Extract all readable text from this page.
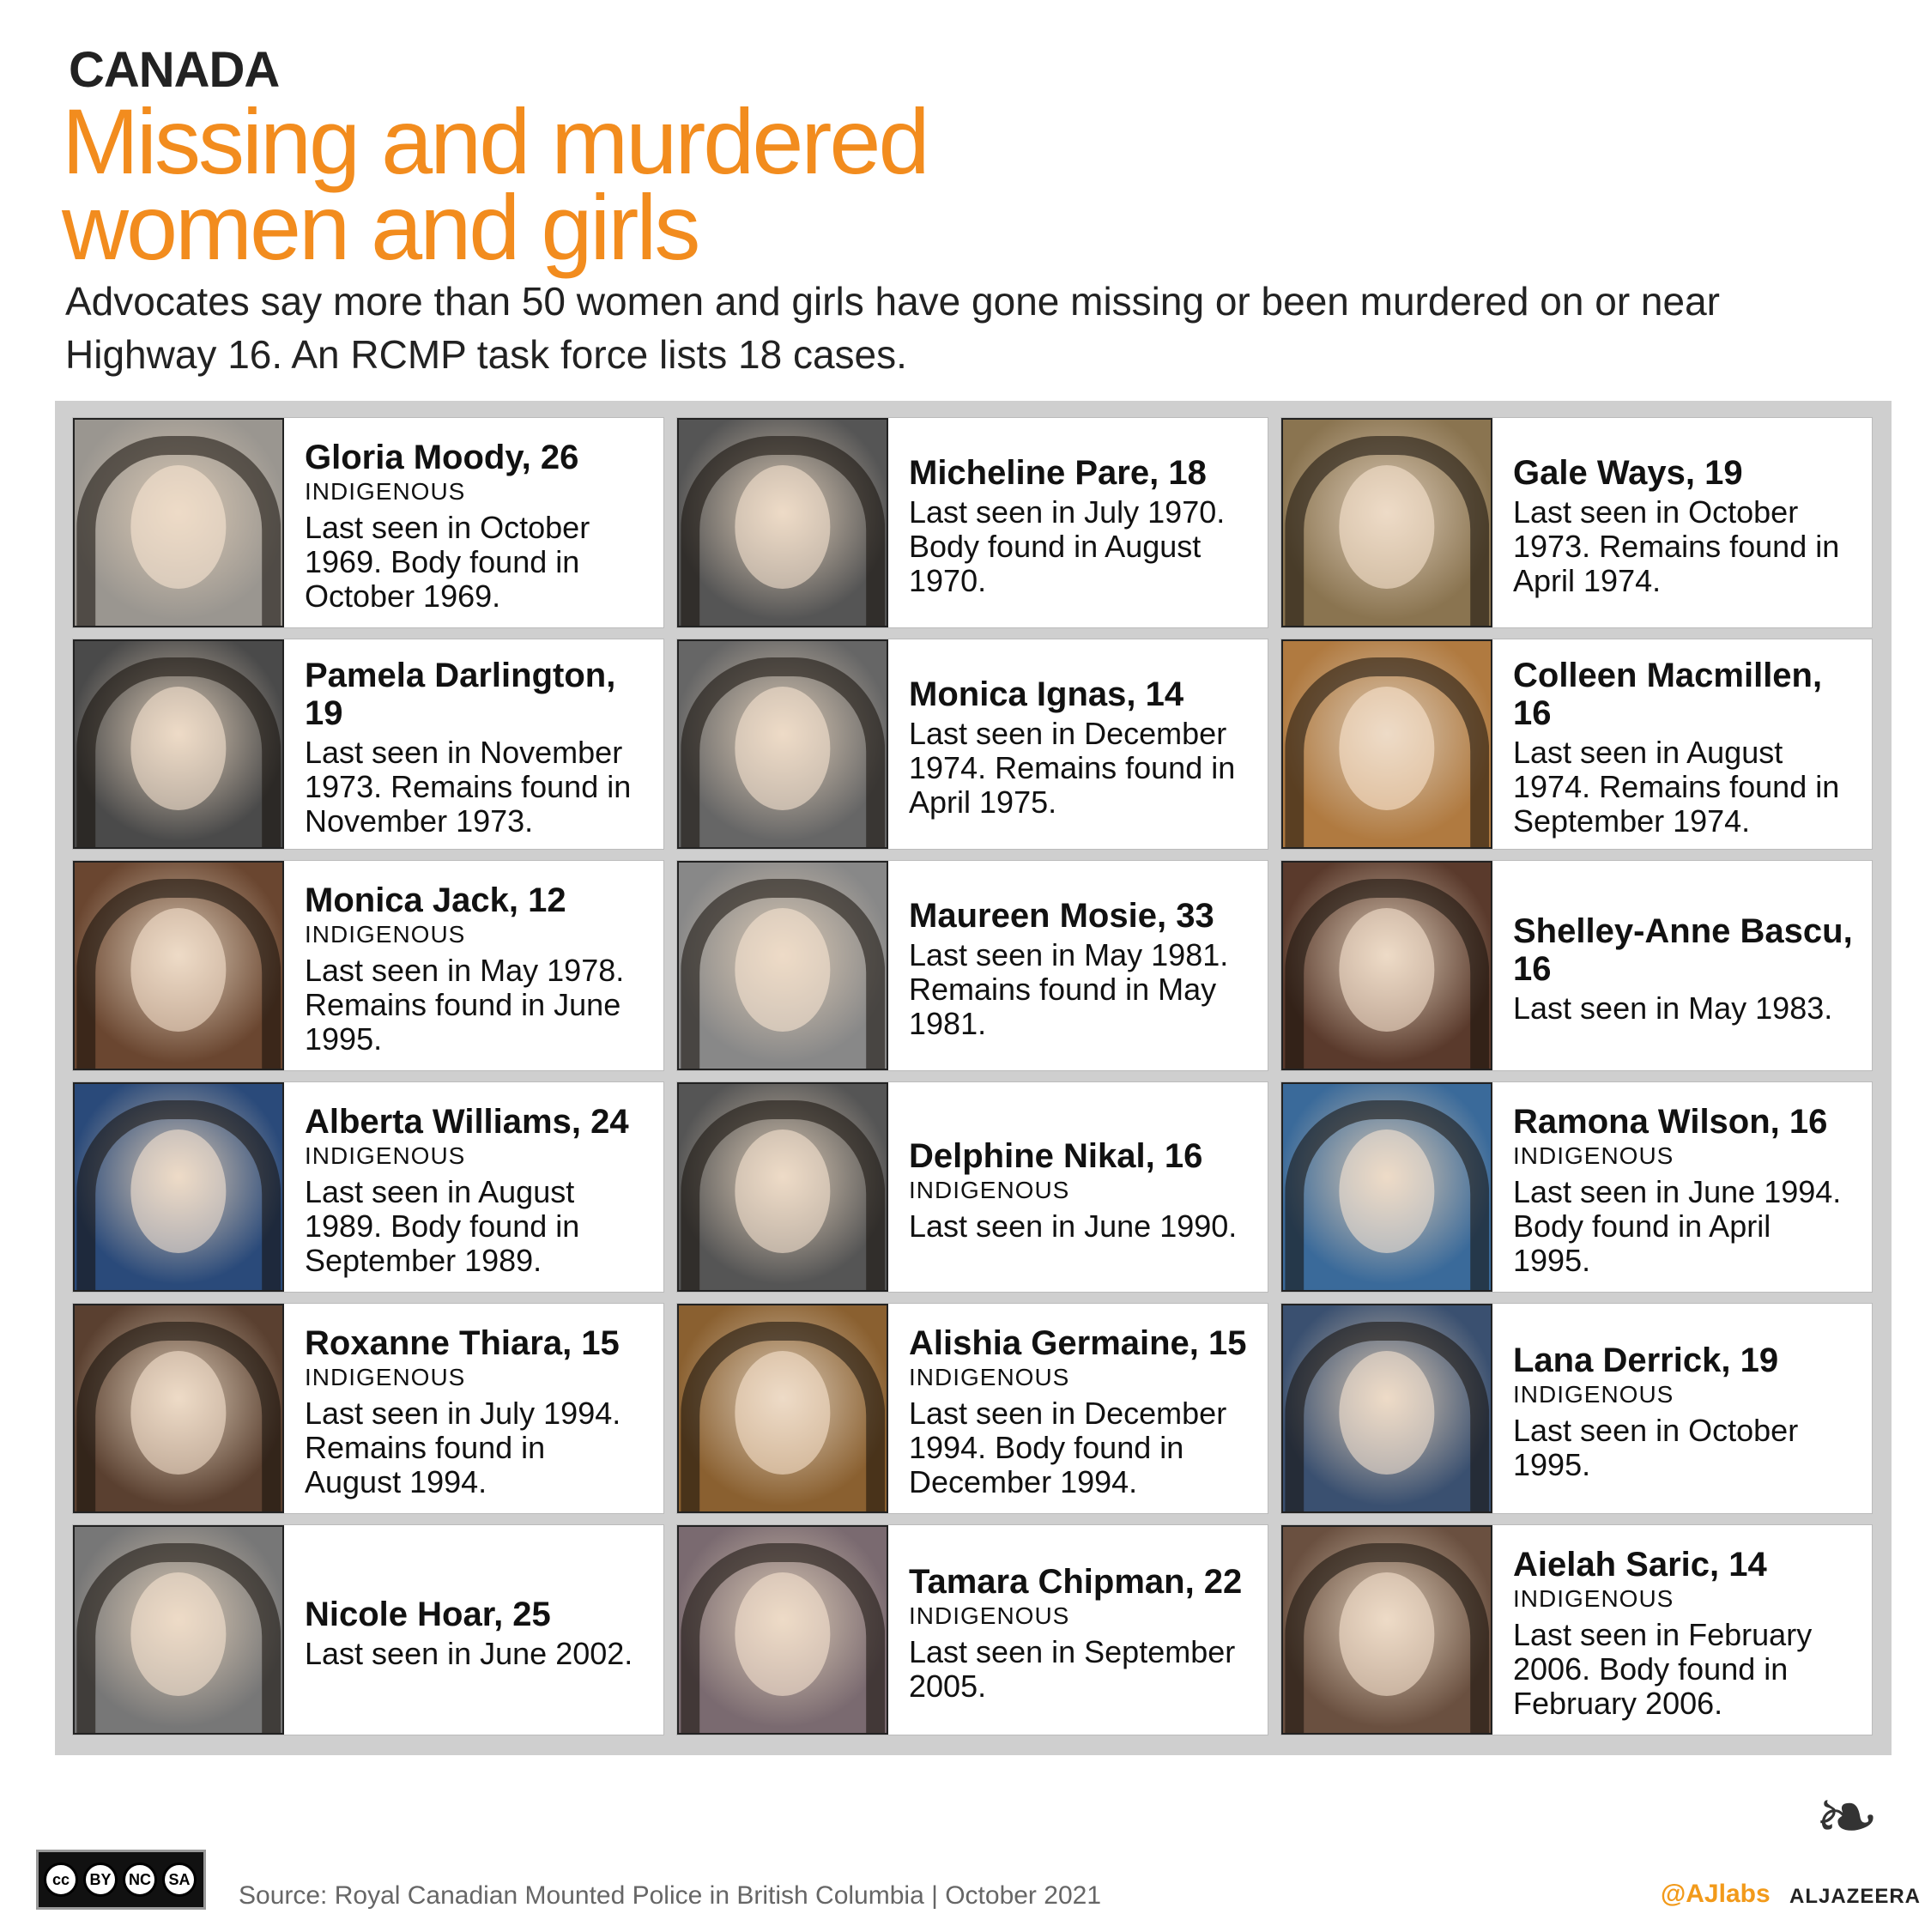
CANADA
Missing and murdered
women and girls
Advocates say more than 50 women and girls have gone missing or been murdered on or near Highway 16. An RCMP task force lists 18 cases.
Gloria Moody, 26
INDIGENOUS
Last seen in October 1969. Body found in October 1969.
Micheline Pare, 18
Last seen in July 1970. Body found in August 1970.
Gale Ways, 19
Last seen in October 1973. Remains found in April 1974.
Pamela Darlington, 19
Last seen in November 1973. Remains found in November 1973.
Monica Ignas, 14
Last seen in December 1974. Remains found in April 1975.
Colleen Macmillen, 16
Last seen in August 1974. Remains found in September 1974.
Monica Jack, 12
INDIGENOUS
Last seen in May 1978. Remains found in June 1995.
Maureen Mosie, 33
Last seen in May 1981. Remains found in May 1981.
Shelley-Anne Bascu, 16
Last seen in May 1983.
Alberta Williams, 24
INDIGENOUS
Last seen in August 1989. Body found in September 1989.
Delphine Nikal, 16
INDIGENOUS
Last seen in June 1990.
Ramona Wilson, 16
INDIGENOUS
Last seen in June 1994. Body found in April 1995.
Roxanne Thiara, 15
INDIGENOUS
Last seen in July 1994. Remains found in August 1994.
Alishia Germaine, 15
INDIGENOUS
Last seen in December 1994. Body found in December 1994.
Lana Derrick, 19
INDIGENOUS
Last seen in October 1995.
Nicole Hoar, 25
Last seen in June 2002.
Tamara Chipman, 22
INDIGENOUS
Last seen in September 2005.
Aielah Saric, 14
INDIGENOUS
Last seen in February 2006. Body found in February 2006.
cc	BY	NC	SA
Source: Royal Canadian Mounted Police in British Columbia | October 2021
❧
@AJlabs ALJAZEERA
